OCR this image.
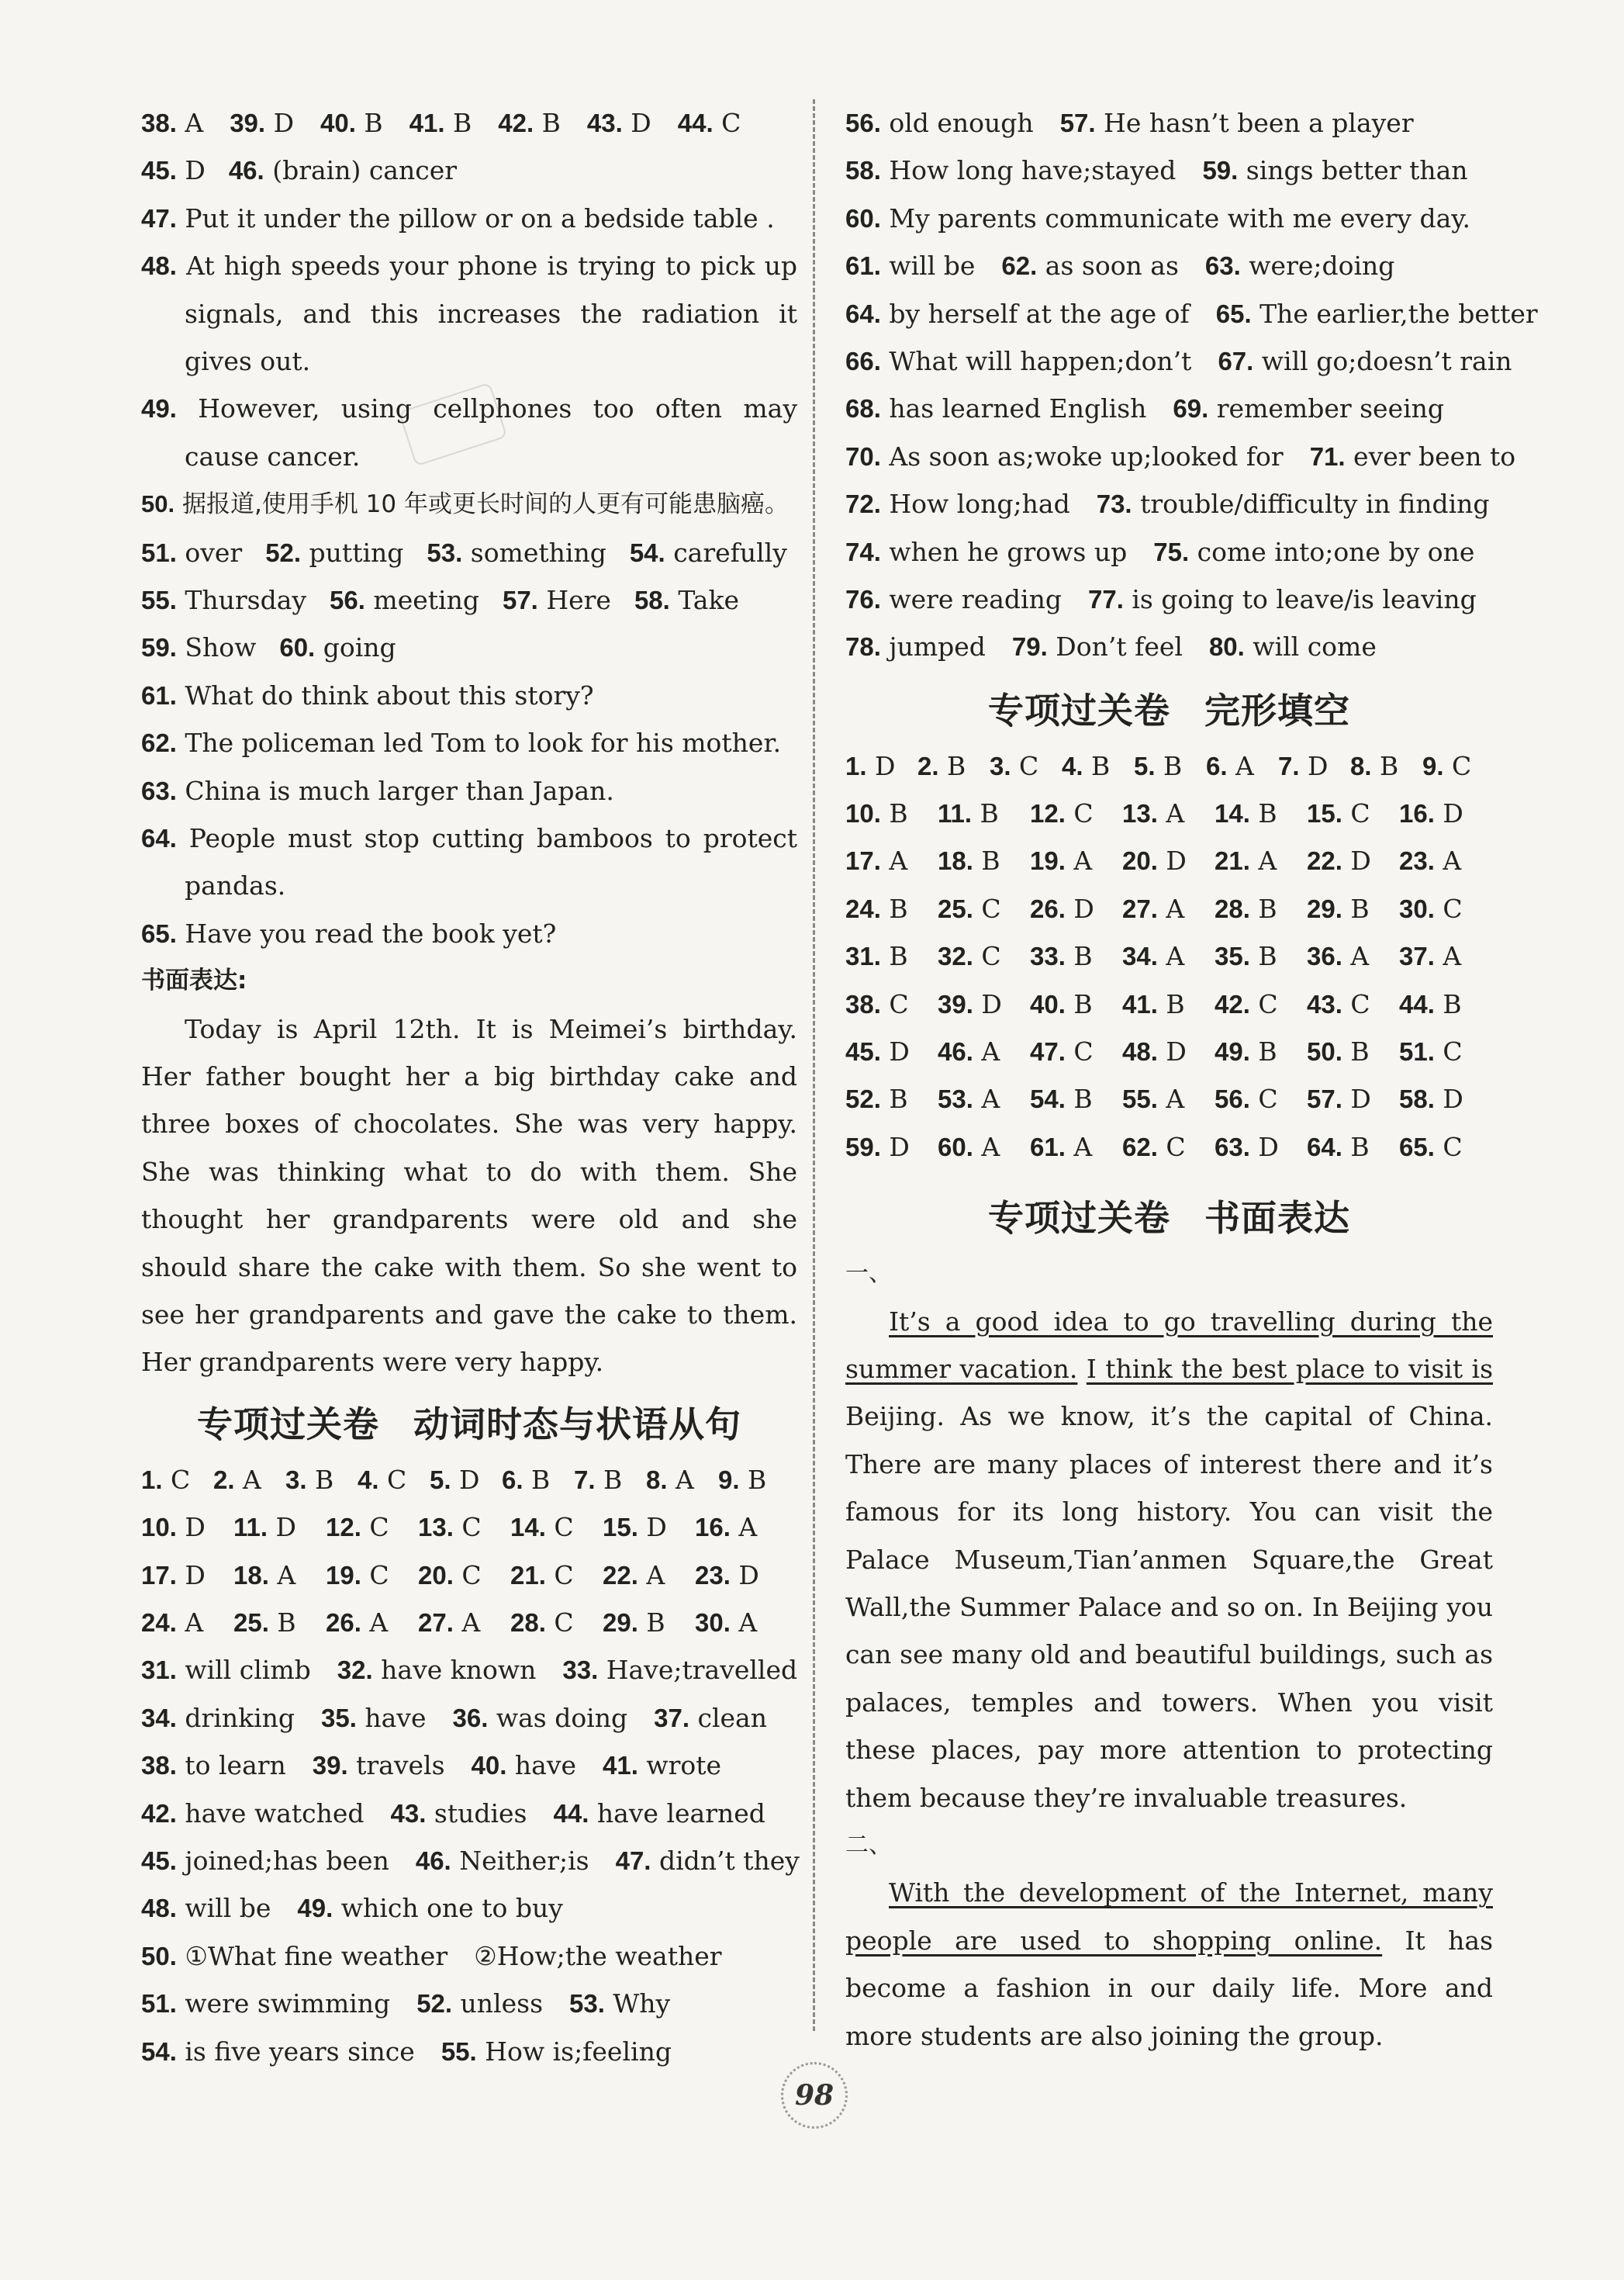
38. A 39. D 40. B 41. B 42. B 43. D 44. C
45. D 46. (brain) cancer
47. Put it under the pillow or on a bedside table .
48. At high speeds your phone is trying to pick up signals, and this increases the radiation it gives out.
49. However, using cellphones too often may cause cancer.
50. 据报道,使用手机 10 年或更长时间的人更有可能患脑癌。
51. over 52. putting 53. something 54. carefully
55. Thursday 56. meeting 57. Here 58. Take
59. Show 60. going
61. What do think about this story?
62. The policeman led Tom to look for his mother.
63. China is much larger than Japan.
64. People must stop cutting bamboos to protect pandas.
65. Have you read the book yet?
书面表达:
Today is April 12th. It is Meimei’s birthday. Her father bought her a big birthday cake and three boxes of chocolates. She was very happy. She was thinking what to do with them. She thought her grandparents were old and she should share the cake with them. So she went to see her grandparents and gave the cake to them. Her grandparents were very happy.
专项过关卷 动词时态与状语从句
1. C 2. A 3. B 4. C 5. D 6. B 7. B 8. A 9. B
10. D	11. D	12. C	13. C	14. C	15. D	16. A
17. D	18. A	19. C	20. C	21. C	22. A	23. D
24. A	25. B	26. A	27. A	28. C	29. B	30. A
31. will climb 32. have known 33. Have;travelled
34. drinking 35. have 36. was doing 37. clean
38. to learn 39. travels 40. have 41. wrote
42. have watched 43. studies 44. have learned
45. joined;has been 46. Neither;is 47. didn’t they
48. will be 49. which one to buy
50. ①What fine weather ②How;the weather
51. were swimming 52. unless 53. Why
54. is five years since 55. How is;feeling
56. old enough 57. He hasn’t been a player
58. How long have;stayed 59. sings better than
60. My parents communicate with me every day.
61. will be 62. as soon as 63. were;doing
64. by herself at the age of 65. The earlier,the better
66. What will happen;don’t 67. will go;doesn’t rain
68. has learned English 69. remember seeing
70. As soon as;woke up;looked for 71. ever been to
72. How long;had 73. trouble/difficulty in finding
74. when he grows up 75. come into;one by one
76. were reading 77. is going to leave/is leaving
78. jumped 79. Don’t feel 80. will come
专项过关卷 完形填空
1. D 2. B 3. C 4. B 5. B 6. A 7. D 8. B 9. C
10. B	11. B	12. C	13. A	14. B	15. C	16. D
17. A	18. B	19. A	20. D	21. A	22. D	23. A
24. B	25. C	26. D	27. A	28. B	29. B	30. C
31. B	32. C	33. B	34. A	35. B	36. A	37. A
38. C	39. D	40. B	41. B	42. C	43. C	44. B
45. D	46. A	47. C	48. D	49. B	50. B	51. C
52. B	53. A	54. B	55. A	56. C	57. D	58. D
59. D	60. A	61. A	62. C	63. D	64. B	65. C
专项过关卷 书面表达
一、
It’s a good idea to go travelling during the summer vacation. I think the best place to visit is Beijing. As we know, it’s the capital of China. There are many places of interest there and it’s famous for its long history. You can visit the Palace Museum,Tian’anmen Square,the Great Wall,the Summer Palace and so on. In Beijing you can see many old and beautiful buildings, such as palaces, temples and towers. When you visit these places, pay more attention to protecting them because they’re invaluable treasures.
二、
With the development of the Internet, many people are used to shopping online. It has become a fashion in our daily life. More and more students are also joining the group.
98
